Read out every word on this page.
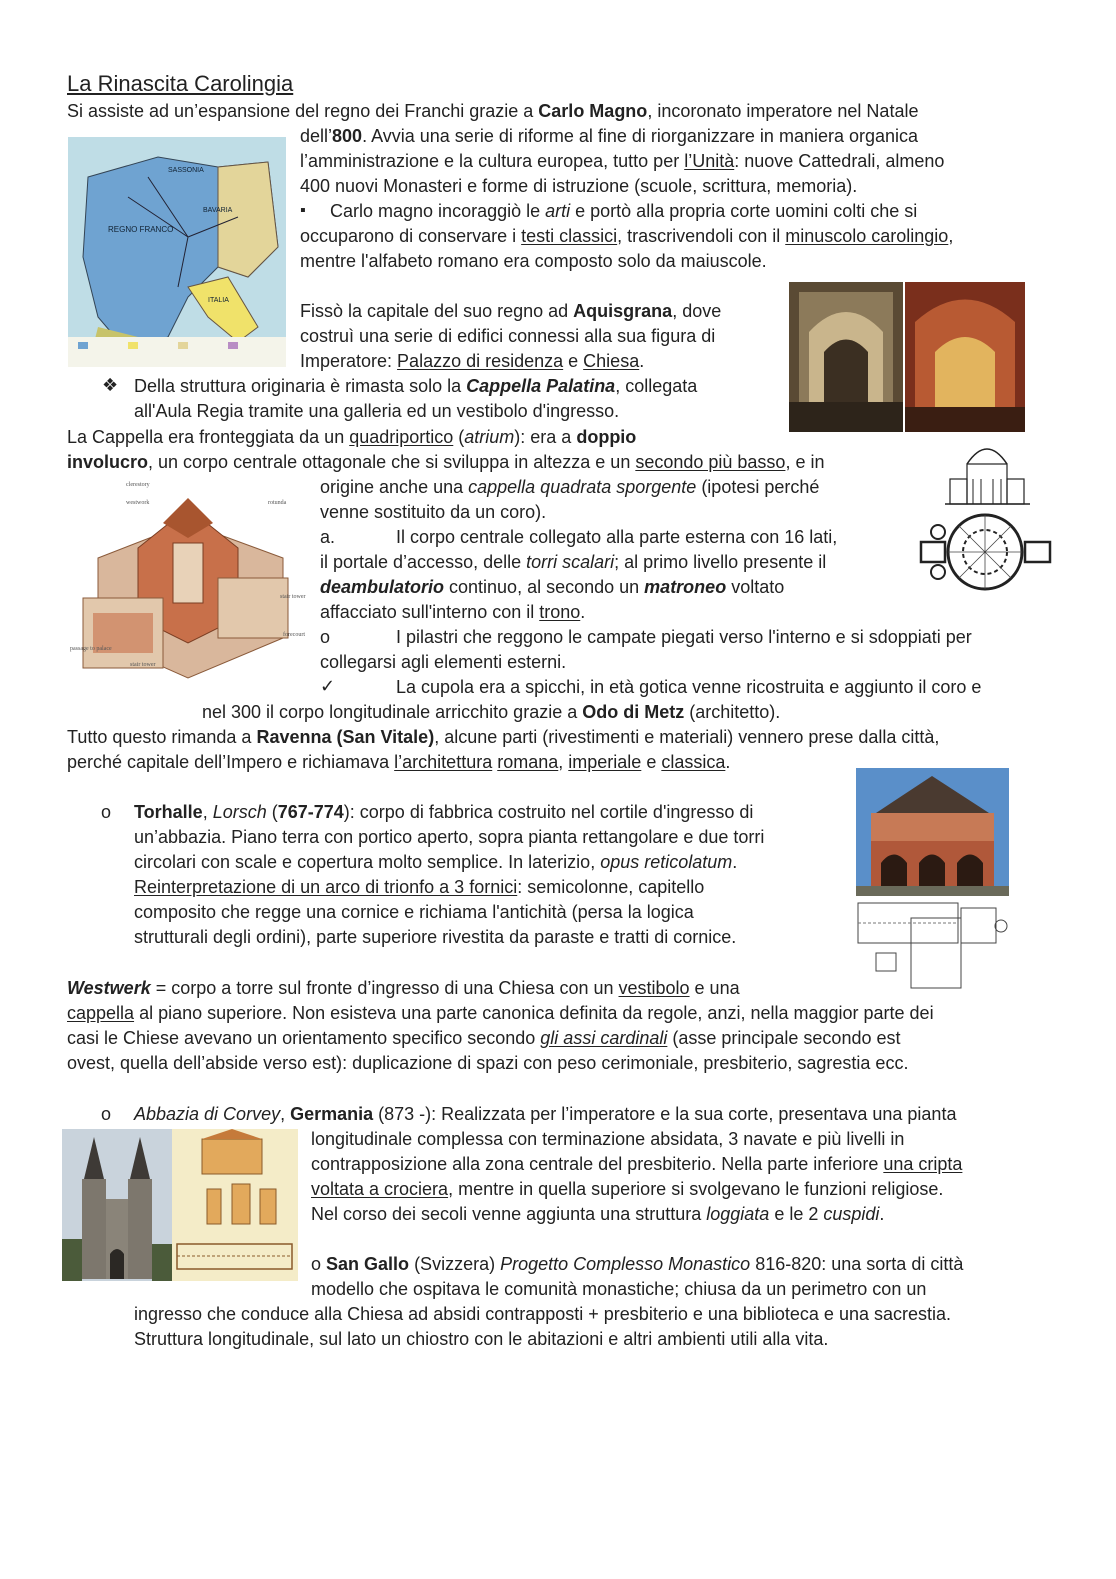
La Rinascita Carolingia
Si assiste ad un’espansione del regno dei Franchi grazie a Carlo Magno, incoronato imperatore nel Natale
dell’800. Avvia una serie di riforme al fine di riorganizzare in maniera organica
l’amministrazione e la cultura europea, tutto per l’Unità: nuove Cattedrali, almeno
400 nuovi Monasteri e forme di istruzione (scuole, scrittura, memoria).
▪ Carlo magno incoraggiò le arti e portò alla propria corte uomini colti che si
occuparono di conservare i testi classici, trascrivendoli con il minuscolo carolingio,
mentre l'alfabeto romano era composto solo da maiuscole.
REGNO FRANCO
BAVARIA
SASSONIA
ITALIA
Fissò la capitale del suo regno ad Aquisgrana, dove
costruì una serie di edifici connessi alla sua figura di
Imperatore: Palazzo di residenza e Chiesa.
❖ Della struttura originaria è rimasta solo la Cappella Palatina, collegata
all'Aula Regia tramite una galleria ed un vestibolo d'ingresso.
La Cappella era fronteggiata da un quadriportico (atrium): era a doppio
involucro, un corpo centrale ottagonale che si sviluppa in altezza e un secondo più basso, e in
origine anche una cappella quadrata sporgente (ipotesi perché
venne sostituito da un coro).
clerestory
westwork	rotunda
stair tower
forecourt
passage to palace
stair tower
a.	Il corpo centrale collegato alla parte esterna con 16 lati,
il portale d’accesso, delle torri scalari; al primo livello presente il
deambulatorio continuo, al secondo un matroneo voltato
affacciato sull'interno con il trono.
o	I pilastri che reggono le campate piegati verso l'interno e si sdoppiati per
collegarsi agli elementi esterni.
✓	La cupola era a spicchi, in età gotica venne ricostruita e aggiunto il coro e
nel 300 il corpo longitudinale arricchito grazie a Odo di Metz (architetto).
Tutto questo rimanda a Ravenna (San Vitale), alcune parti (rivestimenti e materiali) vennero prese dalla città,
perché capitale dell’Impero e richiamava l’architettura romana, imperiale e classica.
o Torhalle, Lorsch (767-774): corpo di fabbrica costruito nel cortile d'ingresso di
un’abbazia. Piano terra con portico aperto, sopra pianta rettangolare e due torri
circolari con scale e copertura molto semplice. In laterizio, opus reticolatum.
Reinterpretazione di un arco di trionfo a 3 fornici: semicolonne, capitello
composito che regge una cornice e richiama l'antichità (persa la logica
strutturali degli ordini), parte superiore rivestita da paraste e tratti di cornice.
Westwerk = corpo a torre sul fronte d’ingresso di una Chiesa con un vestibolo e una
cappella al piano superiore. Non esisteva una parte canonica definita da regole, anzi, nella maggior parte dei
casi le Chiese avevano un orientamento specifico secondo gli assi cardinali (asse principale secondo est
ovest, quella dell’abside verso est): duplicazione di spazi con peso cerimoniale, presbiterio, sagrestia ecc.
o Abbazia di Corvey, Germania (873 -): Realizzata per l’imperatore e la sua corte, presentava una pianta
longitudinale complessa con terminazione absidata, 3 navate e più livelli in
contrapposizione alla zona centrale del presbiterio. Nella parte inferiore una cripta
voltata a crociera, mentre in quella superiore si svolgevano le funzioni religiose.
Nel corso dei secoli venne aggiunta una struttura loggiata e le 2 cuspidi.
o San Gallo (Svizzera) Progetto Complesso Monastico 816-820: una sorta di città
modello che ospitava le comunità monastiche; chiusa da un perimetro con un
ingresso che conduce alla Chiesa ad absidi contrapposti + presbiterio e una biblioteca e una sacrestia.
Struttura longitudinale, sul lato un chiostro con le abitazioni e altri ambienti utili alla vita.
